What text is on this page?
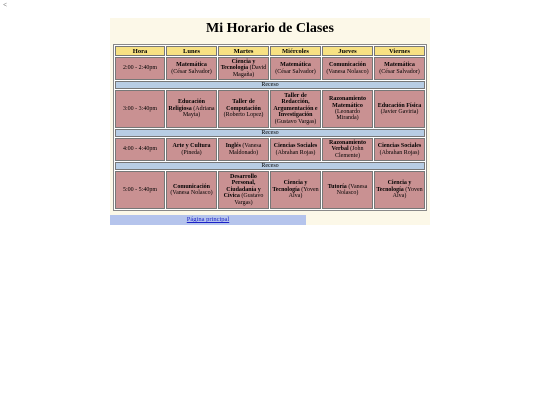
<
Mi Horario de Clases
Hora	Lunes	Martes	Miércoles	Jueves	Viernes
2:00 - 2:40pm	Matemática (César Salvador)	Ciencia y Tecnología (David Magaña)	Matemática (César Salvador)	Comunicación (Vanesa Nolasco)	Matemática (César Salvador)
Receso					
3:00 - 3:40pm	Educación Religiosa (Adriana Mayta)	Taller de Computación (Roberto Lopez)	Taller de Redacción, Argumentación e Investigación (Gustavo Vargas)	Razonamiento Matemático (Leonardo Miranda)	Educación Física (Javier Gaviria)
Receso					
4:00 - 4:40pm	Arte y Cultura (Pineda)	Inglés (Vanesa Maldonado)	Ciencias Sociales (Abrahan Rojas)	Razonamiento Verbal (John Clemente)	Ciencias Sociales (Abrahan Rojas)
Receso					
5:00 - 5:40pm	Comunicación (Vanesa Nolasco)	Desarrollo Personal, Ciudadanía y Cívica (Gustavo Vargas)	Ciencia y Tecnología (Yoven Alva)	Tutoría (Vanesa Nolasco)	Ciencia y Tecnología (Yoven Alva)
Página principal
